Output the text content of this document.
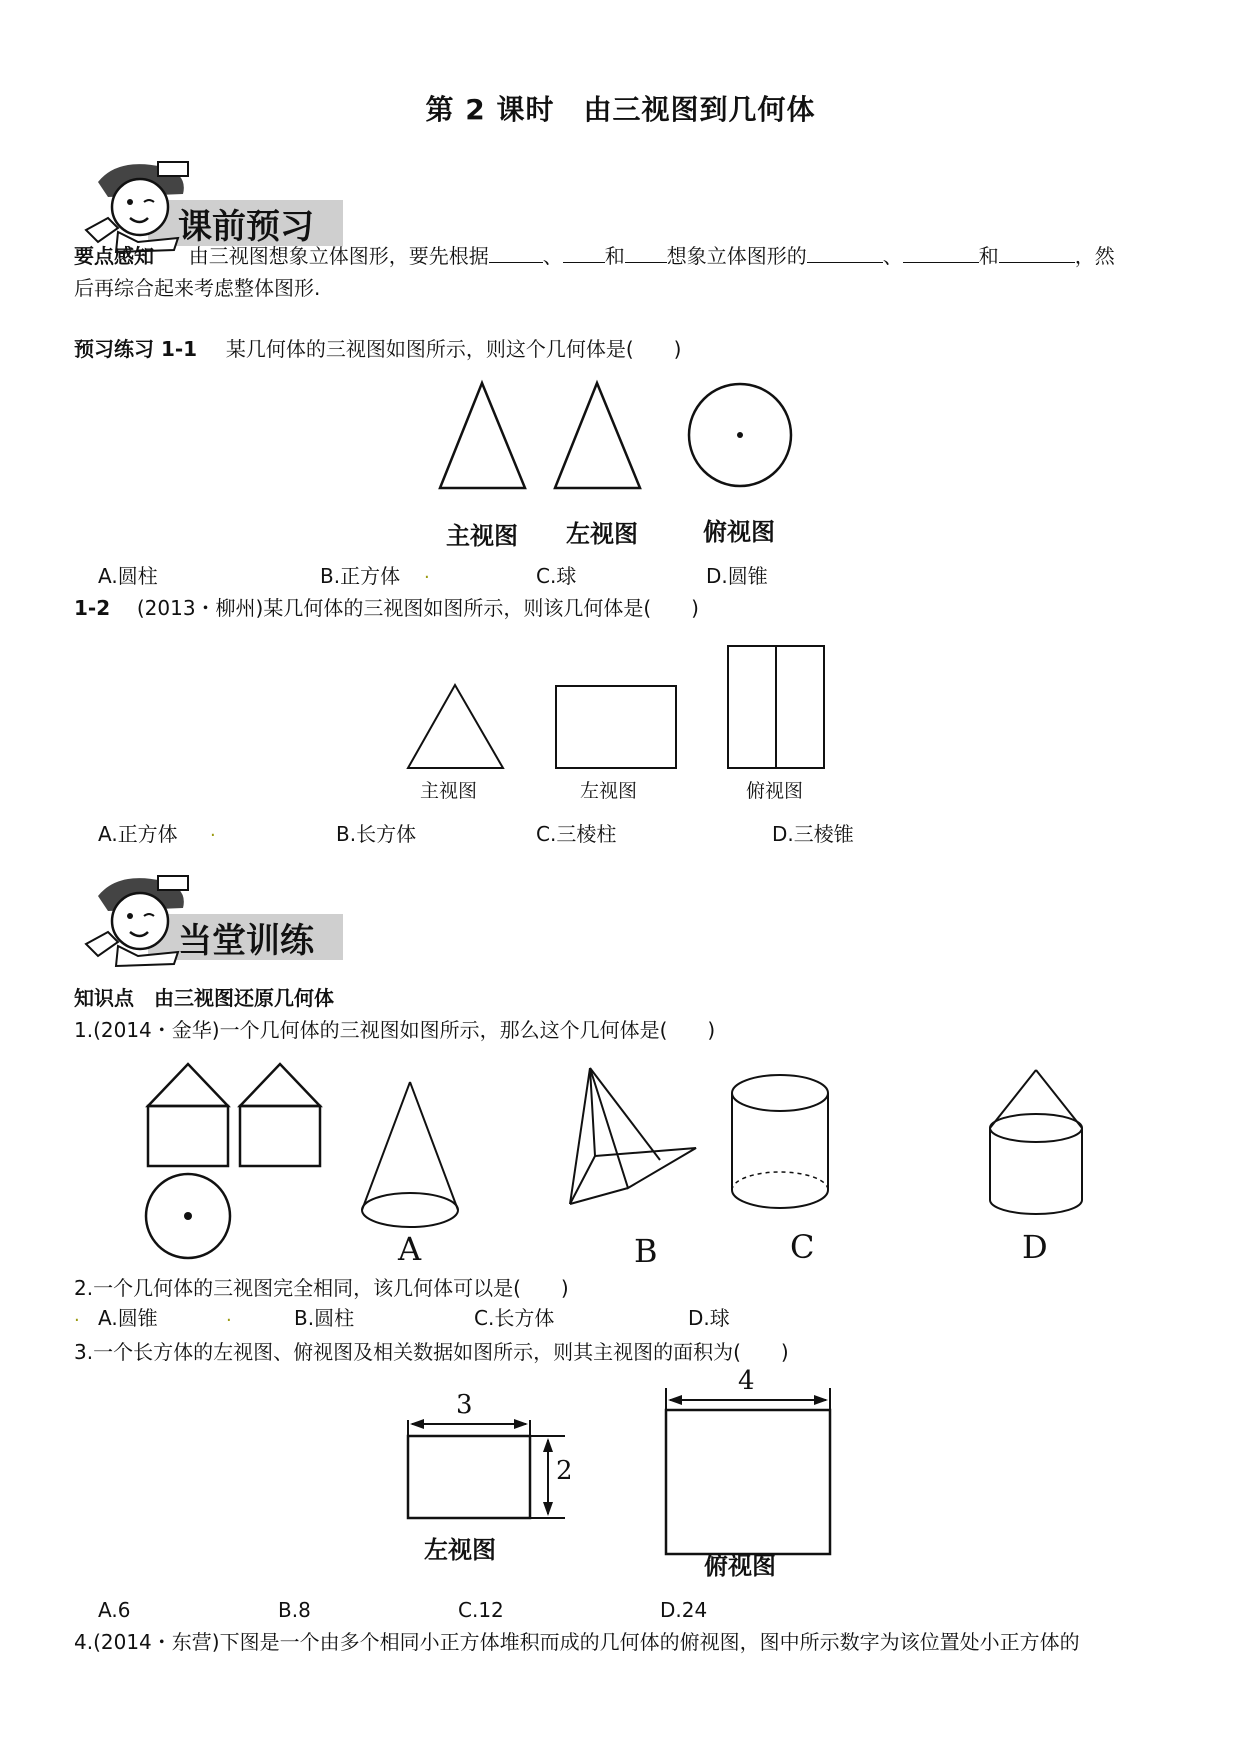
第 2 课时　由三视图到几何体
课前预习
要点感知 由三视图想象立体图形，要先根据	、 和 想象立体图形的	、	和	，然
后再综合起来考虑整体图形.
预习练习 1-1 某几何体的三视图如图所示，则这个几何体是(　　)
主视图 左视图	俯视图
A.圆柱	B.正方体 .	C.球	D.圆锥
1-2 (2013・柳州)某几何体的三视图如图所示，则该几何体是(　　)
主视图	左视图	俯视图
A.正方体 .	B.长方体	C.三棱柱	D.三棱锥
当堂训练
知识点　由三视图还原几何体
1.(2014・金华)一个几何体的三视图如图所示，那么这个几何体是(　　)
A	B	C	D
2.一个几何体的三视图完全相同，该几何体可以是(　　)
. A.圆锥	.	B.圆柱	C.长方体	D.球
3.一个长方体的左视图、俯视图及相关数据如图所示，则其主视图的面积为(　　)
3
2
4
左视图
俯视图
A.6	B.8	C.12	D.24
4.(2014・东营)下图是一个由多个相同小正方体堆积而成的几何体的俯视图，图中所示数字为该位置处小正方体的
